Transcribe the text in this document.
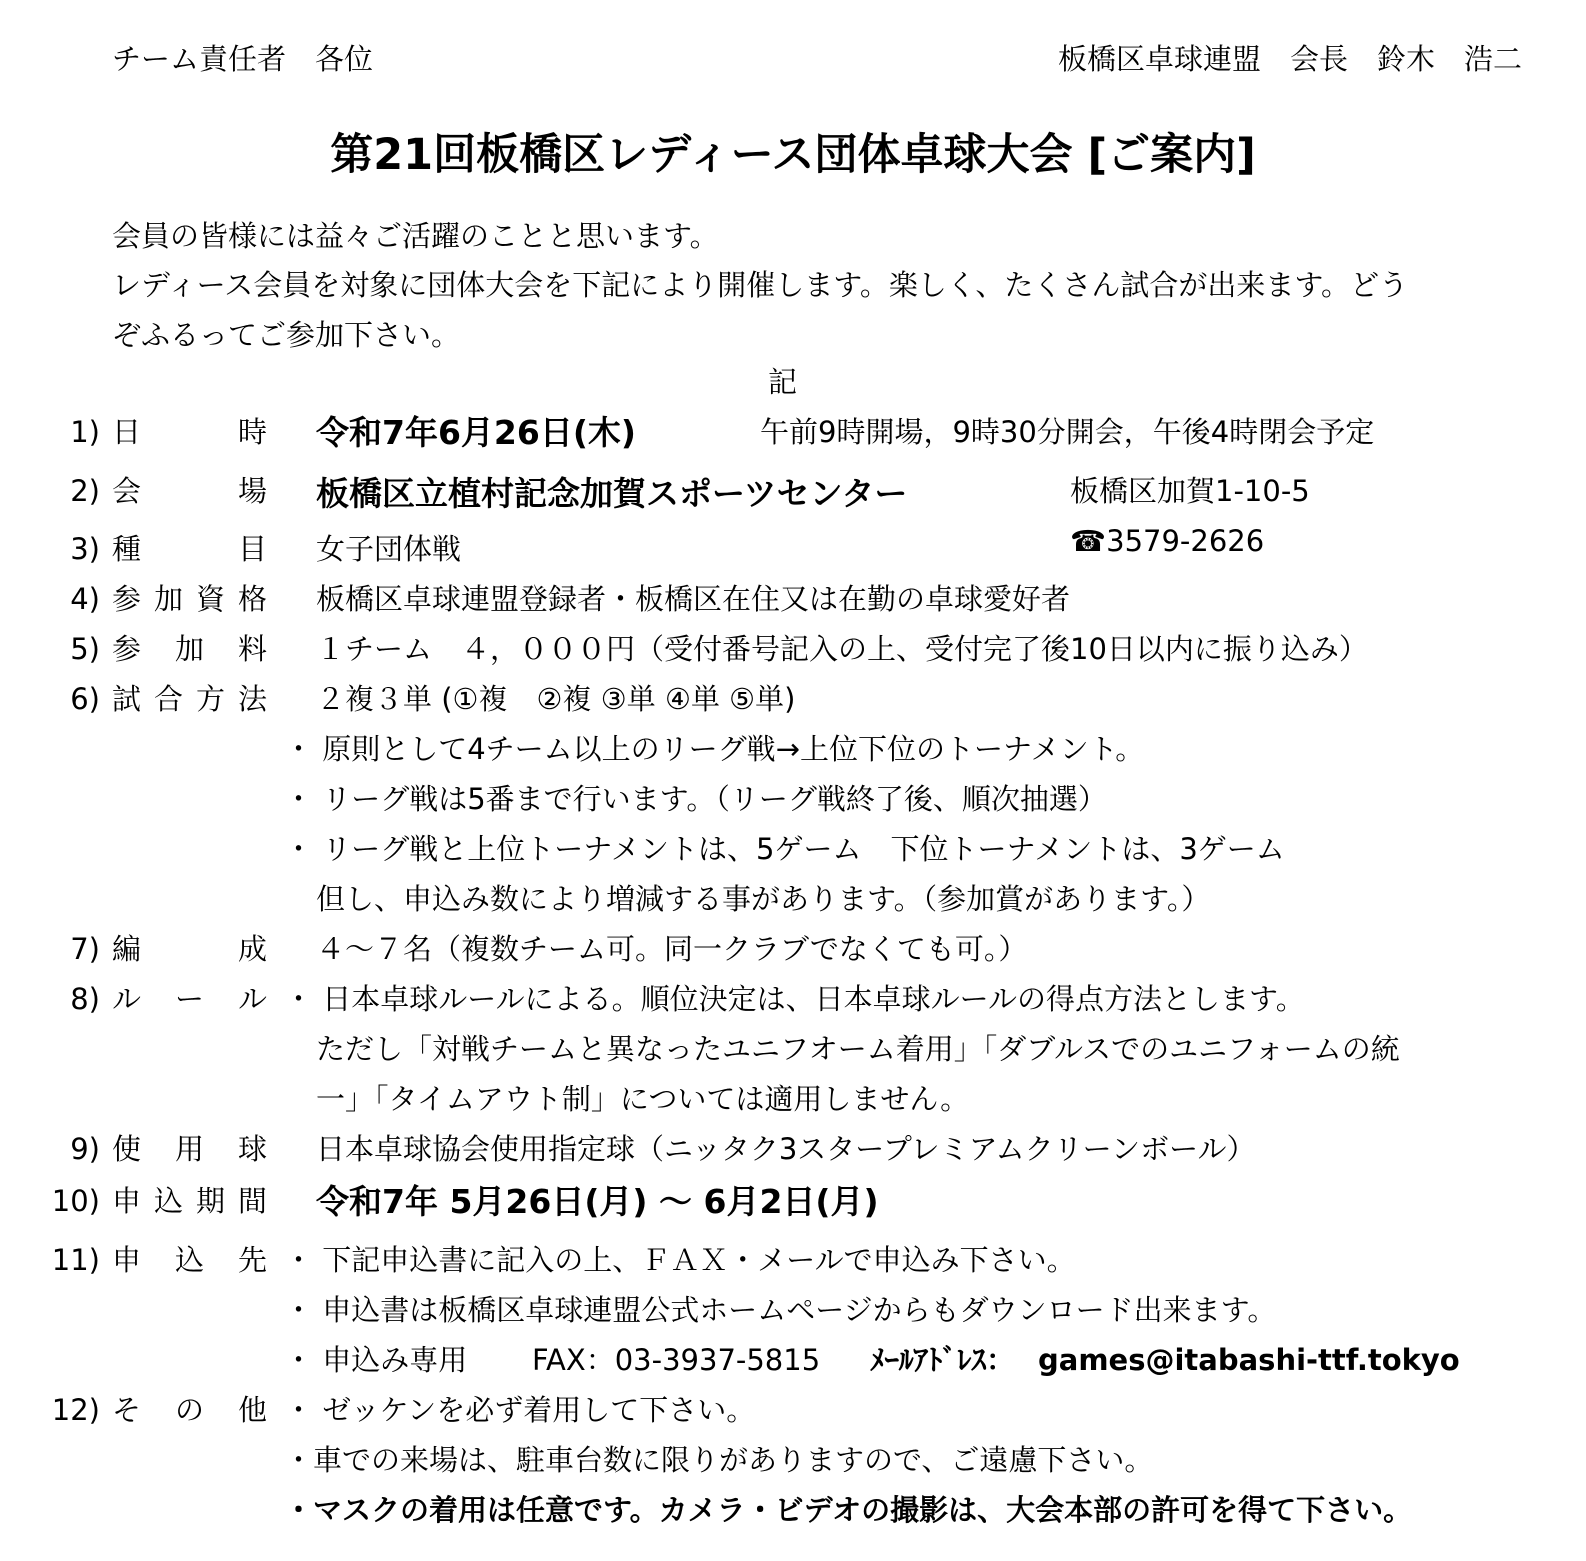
チーム責任者　各位	板橋区卓球連盟　会長　鈴木　浩二
第21回板橋区レディース団体卓球大会 [ご案内]
会員の皆様には益々ご活躍のことと思います。
レディース会員を対象に団体大会を下記により開催します。楽しく、たくさん試合が出来ます。どう
ぞふるってご参加下さい。
記
1) 日	時 令和7年6月26日(木)	午前9時開場，9時30分開会，午後4時閉会予定
2) 会	場 板橋区立植村記念加賀スポーツセンター	板橋区加賀1-10-5
☎3579-2626
3) 種	目 女子団体戦
4) 参 加 資 格 板橋区卓球連盟登録者・板橋区在住又は在勤の卓球愛好者
5) 参 加 料 １チーム　４，０００円（受付番号記入の上、受付完了後10日以内に振り込み）
6) 試 合 方 法 ２複３単 (①複　②複 ③単 ④単 ⑤単)
・ 原則として4チーム以上のリーグ戦→上位下位のトーナメント。
・ リーグ戦は5番まで行います。（リーグ戦終了後、順次抽選）
・ リーグ戦と上位トーナメントは、5ゲーム　下位トーナメントは、3ゲーム
但し、申込み数により増減する事があります。（参加賞があります。）
7) 編	成 ４～７名（複数チーム可。同一クラブでなくても可。）
8) ル ー ル ・ 日本卓球ルールによる。順位決定は、日本卓球ルールの得点方法とします。
ただし「対戦チームと異なったユニフオーム着用」「ダブルスでのユニフォームの統
一」「タイムアウト制」については適用しません。
9) 使 用 球 日本卓球協会使用指定球（ニッタク3スタープレミアムクリーンボール）
10) 申 込 期 間 令和7年 5月26日(月) ～ 6月2日(月)
11) 申 込 先 ・ 下記申込書に記入の上、ＦＡＸ・メールで申込み下さい。
・ 申込書は板橋区卓球連盟公式ホームページからもダウンロード出来ます。
・ 申込み専用 FAX：03-3937-5815 ﾒｰﾙｱﾄﾞﾚｽ： games@itabashi-ttf.tokyo
12) そ の 他 ・ ゼッケンを必ず着用して下さい。
・車での来場は、駐車台数に限りがありますので、ご遠慮下さい。
・マスクの着用は任意です。カメラ・ビデオの撮影は、大会本部の許可を得て下さい。
